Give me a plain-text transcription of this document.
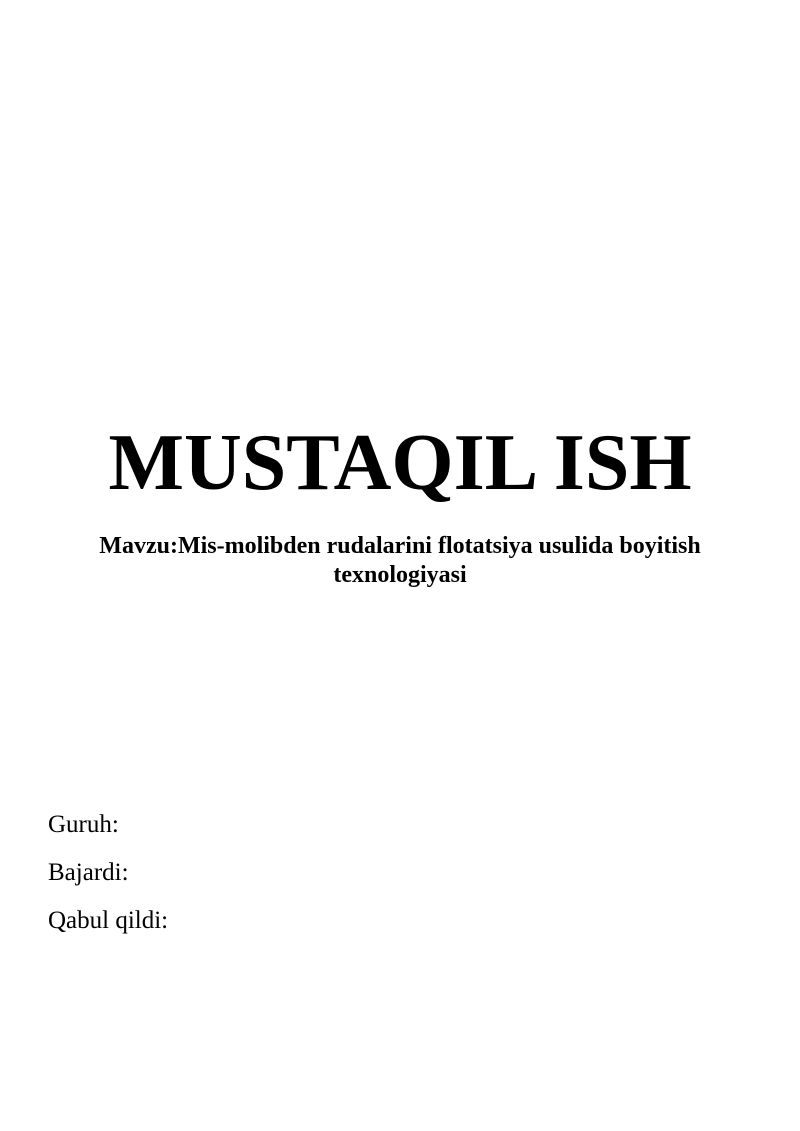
MUSTAQIL ISH
Mavzu:Mis-molibden rudalarini flotatsiya usulida boyitish
texnologiyasi

Guruh:

Bajardi:

Qabul qildi:
